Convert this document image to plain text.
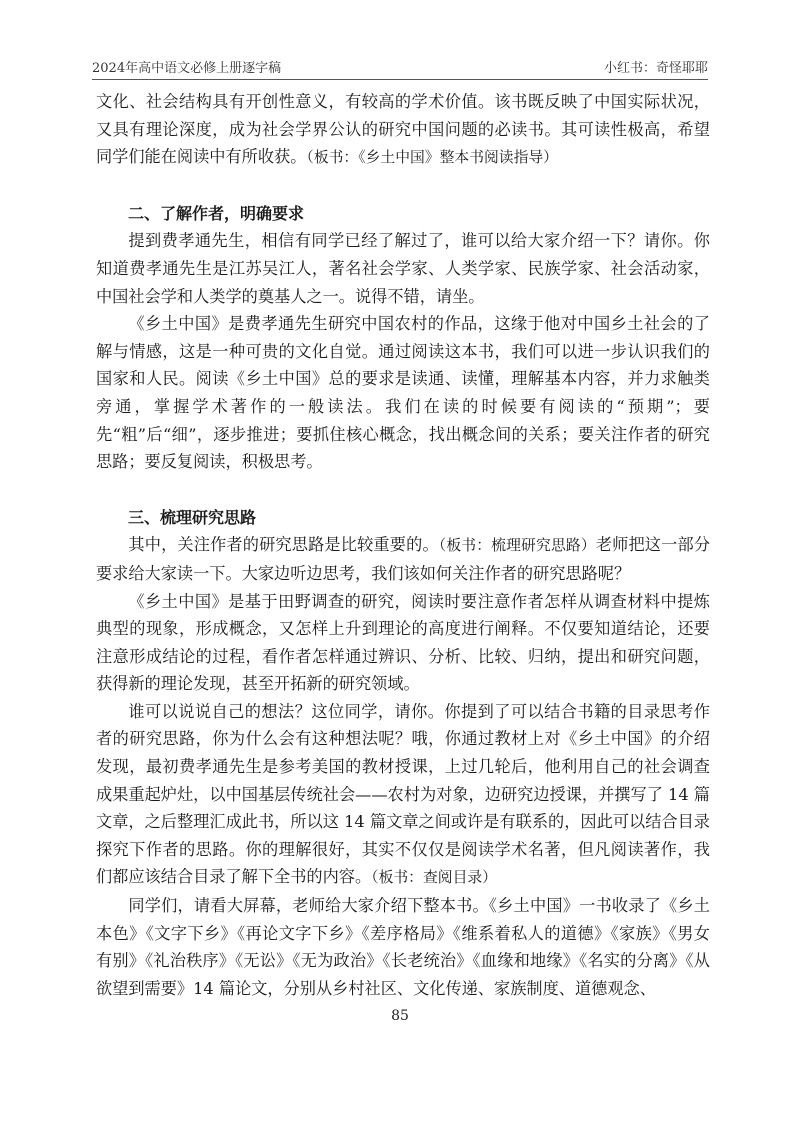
2024年高中语文必修上册逐字稿	小红书：奇怪耶耶

文化、社会结构具有开创性意义，有较高的学术价值。该书既反映了中国实际状况，又具有理论深度，成为社会学界公认的研究中国问题的必读书。其可读性极高，希望同学们能在阅读中有所收获。（板书：《乡土中国》整本书阅读指导）

二、了解作者，明确要求

提到费孝通先生，相信有同学已经了解过了，谁可以给大家介绍一下？请你。你知道费孝通先生是江苏吴江人，著名社会学家、人类学家、民族学家、社会活动家，中国社会学和人类学的奠基人之一。说得不错，请坐。

《乡土中国》是费孝通先生研究中国农村的作品，这缘于他对中国乡土社会的了解与情感，这是一种可贵的文化自觉。通过阅读这本书，我们可以进一步认识我们的国家和人民。阅读《乡土中国》总的要求是读通、读懂，理解基本内容，并力求触类旁通，掌握学术著作的一般读法。我们在读的时候要有阅读的“预期”；要先“粗”后“细”，逐步推进；要抓住核心概念，找出概念间的关系；要关注作者的研究思路；要反复阅读，积极思考。

三、梳理研究思路

其中，关注作者的研究思路是比较重要的。（板书：梳理研究思路）老师把这一部分要求给大家读一下。大家边听边思考，我们该如何关注作者的研究思路呢？

《乡土中国》是基于田野调查的研究，阅读时要注意作者怎样从调查材料中提炼典型的现象，形成概念，又怎样上升到理论的高度进行阐释。不仅要知道结论，还要注意形成结论的过程，看作者怎样通过辨识、分析、比较、归纳，提出和研究问题，获得新的理论发现，甚至开拓新的研究领域。

谁可以说说自己的想法？这位同学，请你。你提到了可以结合书籍的目录思考作者的研究思路，你为什么会有这种想法呢？哦，你通过教材上对《乡土中国》的介绍发现，最初费孝通先生是参考美国的教材授课，上过几轮后，他利用自己的社会调查成果重起炉灶，以中国基层传统社会——农村为对象，边研究边授课，并撰写了 14 篇文章，之后整理汇成此书，所以这 14 篇文章之间或许是有联系的，因此可以结合目录探究下作者的思路。你的理解很好，其实不仅仅是阅读学术名著，但凡阅读著作，我们都应该结合目录了解下全书的内容。（板书：查阅目录）

同学们，请看大屏幕，老师给大家介绍下整本书。《乡土中国》一书收录了《乡土本色》《文字下乡》《再论文字下乡》《差序格局》《维系着私人的道德》《家族》《男女有别》《礼治秩序》《无讼》《无为政治》《长老统治》《血缘和地缘》《名实的分离》《从欲望到需要》14 篇论文，分别从乡村社区、文化传递、家族制度、道德观念、

85
